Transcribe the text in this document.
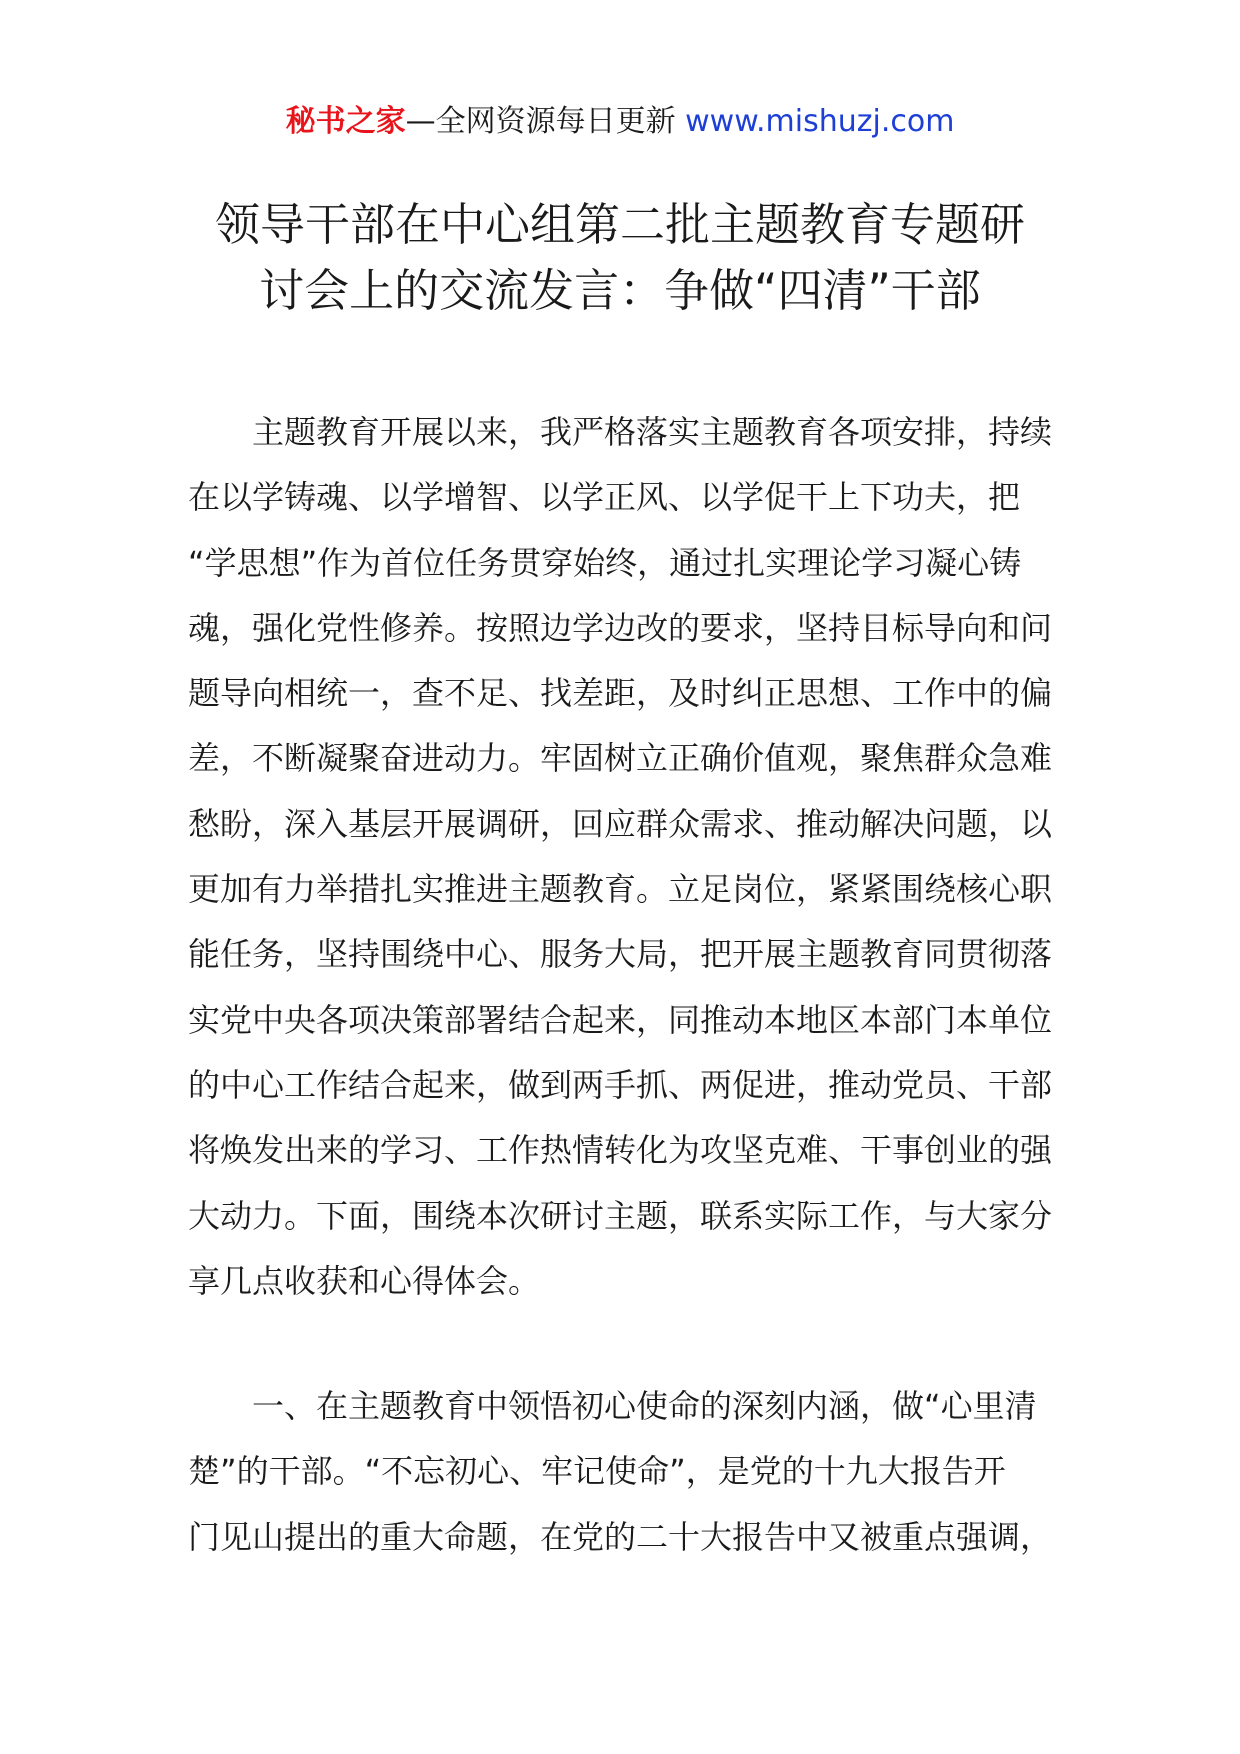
秘书之家—全网资源每日更新 www.mishuzj.com
领导干部在中心组第二批主题教育专题研
讨会上的交流发言：争做“四清”干部
主题教育开展以来，我严格落实主题教育各项安排，持续
在以学铸魂、以学增智、以学正风、以学促干上下功夫，把
“学思想”作为首位任务贯穿始终，通过扎实理论学习凝心铸
魂，强化党性修养。按照边学边改的要求，坚持目标导向和问
题导向相统一，查不足、找差距，及时纠正思想、工作中的偏
差，不断凝聚奋进动力。牢固树立正确价值观，聚焦群众急难
愁盼，深入基层开展调研，回应群众需求、推动解决问题，以
更加有力举措扎实推进主题教育。立足岗位，紧紧围绕核心职
能任务，坚持围绕中心、服务大局，把开展主题教育同贯彻落
实党中央各项决策部署结合起来，同推动本地区本部门本单位
的中心工作结合起来，做到两手抓、两促进，推动党员、干部
将焕发出来的学习、工作热情转化为攻坚克难、干事创业的强
大动力。下面，围绕本次研讨主题，联系实际工作，与大家分
享几点收获和心得体会。
一、在主题教育中领悟初心使命的深刻内涵，做“心里清
楚”的干部。“不忘初心、牢记使命”，是党的十九大报告开
门见山提出的重大命题，在党的二十大报告中又被重点强调，
